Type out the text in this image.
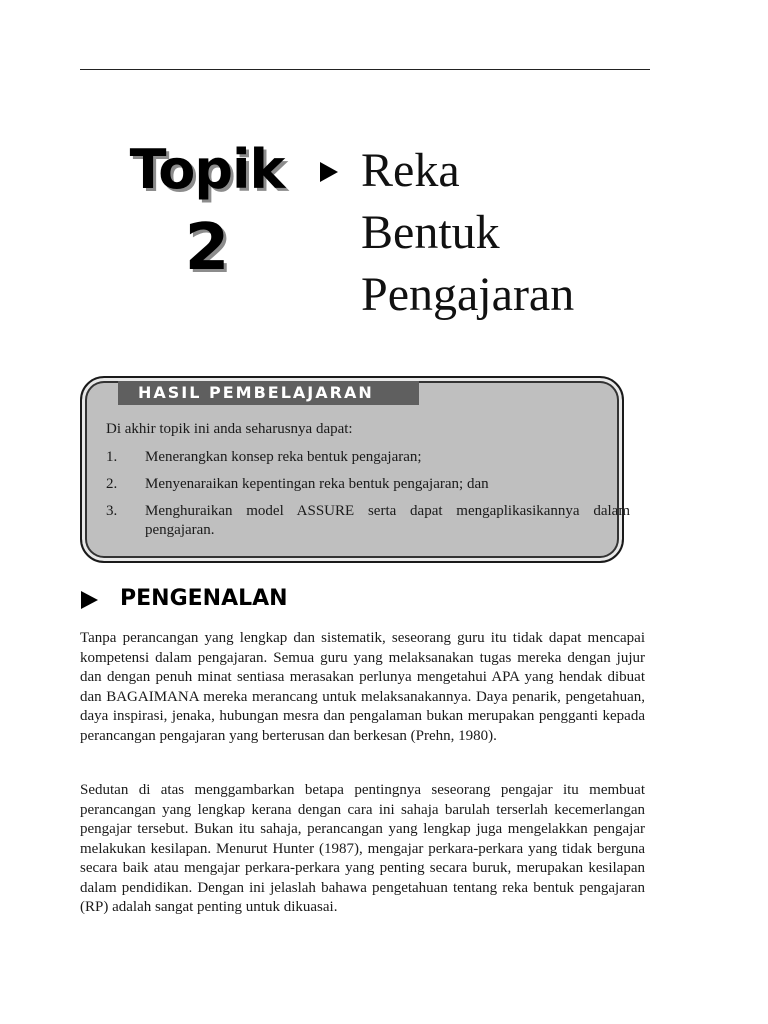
Topik
2
Reka
Bentuk
Pengajaran
HASIL PEMBELAJARAN
Di akhir topik ini anda seharusnya dapat:
1.	Menerangkan konsep reka bentuk pengajaran;
2.	Menyenaraikan kepentingan reka bentuk pengajaran; dan
3.	Menghuraikan model ASSURE serta dapat mengaplikasikannya dalam pengajaran.
PENGENALAN

Tanpa perancangan yang lengkap dan sistematik, seseorang guru itu tidak dapat mencapai kompetensi dalam pengajaran. Semua guru yang melaksanakan tugas mereka dengan jujur dan dengan penuh minat sentiasa merasakan perlunya mengetahui APA yang hendak dibuat dan BAGAIMANA mereka merancang untuk melaksanakannya. Daya penarik, pengetahuan, daya inspirasi, jenaka, hubungan mesra dan pengalaman bukan merupakan pengganti kepada perancangan pengajaran yang berterusan dan berkesan (Prehn, 1980).

Sedutan di atas menggambarkan betapa pentingnya seseorang pengajar itu membuat perancangan yang lengkap kerana dengan cara ini sahaja barulah terserlah kecemerlangan pengajar tersebut. Bukan itu sahaja, perancangan yang lengkap juga mengelakkan pengajar melakukan kesilapan. Menurut Hunter (1987), mengajar perkara-perkara yang tidak berguna secara baik atau mengajar perkara-perkara yang penting secara buruk, merupakan kesilapan dalam pendidikan. Dengan ini jelaslah bahawa pengetahuan tentang reka bentuk pengajaran (RP) adalah sangat penting untuk dikuasai.
